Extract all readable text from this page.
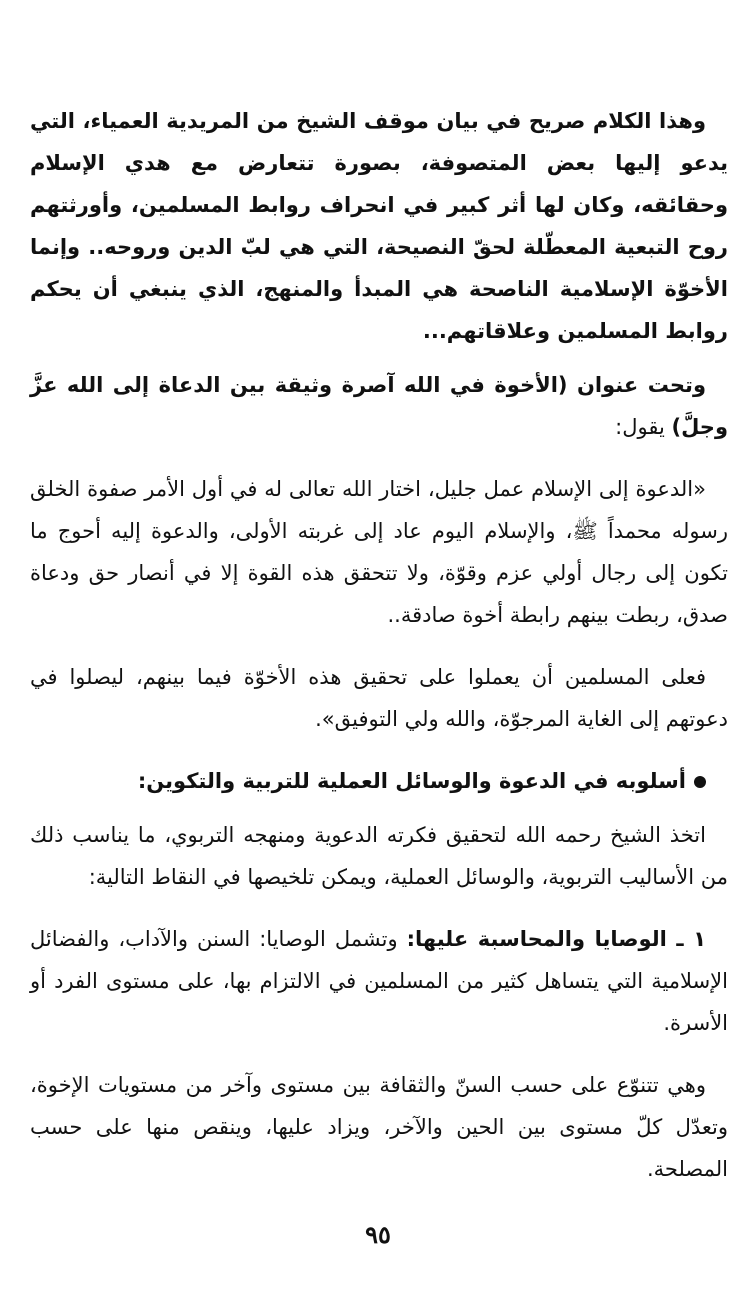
وهذا الكلام صريح في بيان موقف الشيخ من المريدية العمياء، التي يدعو إليها بعض المتصوفة، بصورة تتعارض مع هدي الإسلام وحقائقه، وكان لها أثر كبير في انحراف روابط المسلمين، وأورثتهم روح التبعية المعطّلة لحقّ النصيحة، التي هي لبّ الدين وروحه.. وإنما الأخوّة الإسلامية الناصحة هي المبدأ والمنهج، الذي ينبغي أن يحكم روابط المسلمين وعلاقاتهم...

وتحت عنوان (الأخوة في الله آصرة وثيقة بين الدعاة إلى الله عزَّ وجلَّ) يقول:

«الدعوة إلى الإسلام عمل جليل، اختار الله تعالى له في أول الأمر صفوة الخلق رسوله محمداً ﷺ، والإسلام اليوم عاد إلى غربته الأولى، والدعوة إليه أحوج ما تكون إلى رجال أولي عزم وقوّة، ولا تتحقق هذه القوة إلا في أنصار حق ودعاة صدق، ربطت بينهم رابطة أخوة صادقة..

فعلى المسلمين أن يعملوا على تحقيق هذه الأخوّة فيما بينهم، ليصلوا في دعوتهم إلى الغاية المرجوّة، والله ولي التوفيق».

أسلوبه في الدعوة والوسائل العملية للتربية والتكوين:

اتخذ الشيخ رحمه الله لتحقيق فكرته الدعوية ومنهجه التربوي، ما يناسب ذلك من الأساليب التربوية، والوسائل العملية، ويمكن تلخيصها في النقاط التالية:

١ ـ الوصايا والمحاسبة عليها: وتشمل الوصايا: السنن والآداب، والفضائل الإسلامية التي يتساهل كثير من المسلمين في الالتزام بها، على مستوى الفرد أو الأسرة.

وهي تتنوّع على حسب السنّ والثقافة بين مستوى وآخر من مستويات الإخوة، وتعدّل كلّ مستوى بين الحين والآخر، ويزاد عليها، وينقص منها على حسب المصلحة.

٩٥
